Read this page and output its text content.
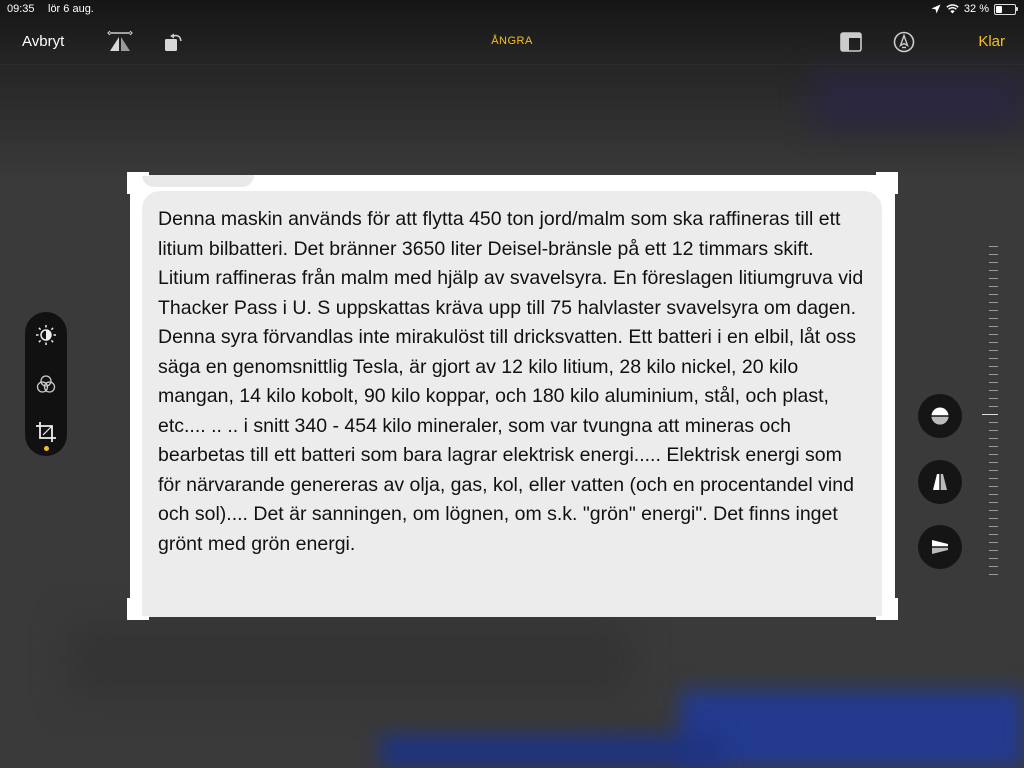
09:35 lör 6 aug.	32 %
Avbryt	ÅNGRA	Klar

Denna maskin används för att flytta 450 ton jord/malm som ska raffineras till ett litium bilbatteri. Det bränner 3650 liter Deisel-bränsle på ett 12 timmars skift. Litium raffineras från malm med hjälp av svavelsyra. En föreslagen litiumgruva vid Thacker Pass i U. S uppskattas kräva upp till 75 halvlaster svavelsyra om dagen. Denna syra förvandlas inte mirakulöst till dricksvatten. Ett batteri i en elbil, låt oss säga en genomsnittlig Tesla, är gjort av 12 kilo litium, 28 kilo nickel, 20 kilo mangan, 14 kilo kobolt, 90 kilo koppar, och 180 kilo aluminium, stål, och plast, etc.... .. .. i snitt 340 - 454 kilo mineraler, som var tvungna att mineras och bearbetas till ett batteri som bara lagrar elektrisk energi..... Elektrisk energi som för närvarande genereras av olja, gas, kol, eller vatten (och en procentandel vind och sol).... Det är sanningen, om lögnen, om s.k. "grön" energi". Det finns inget grönt med grön energi.
